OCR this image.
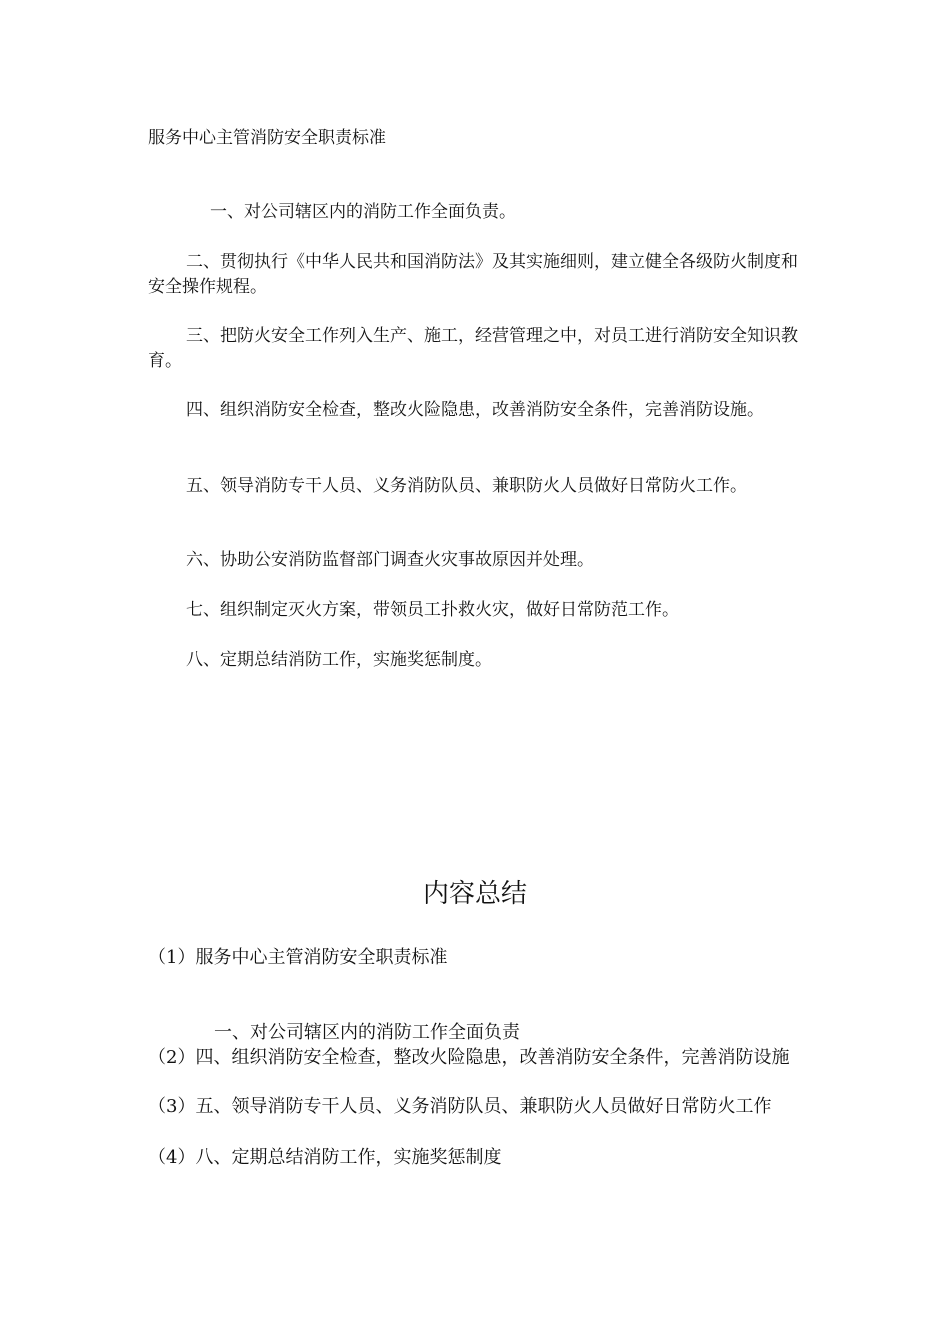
服务中心主管消防安全职责标准

一、对公司辖区内的消防工作全面负责。

二、贯彻执行《中华人民共和国消防法》及其实施细则，建立健全各级防火制度和安全操作规程。

三、把防火安全工作列入生产、施工，经营管理之中，对员工进行消防安全知识教育。

四、组织消防安全检查，整改火险隐患，改善消防安全条件，完善消防设施。

五、领导消防专干人员、义务消防队员、兼职防火人员做好日常防火工作。

六、协助公安消防监督部门调查火灾事故原因并处理。

七、组织制定灭火方案，带领员工扑救火灾，做好日常防范工作。

八、定期总结消防工作，实施奖惩制度。

内容总结

（1）服务中心主管消防安全职责标准

一、对公司辖区内的消防工作全面负责

（2）四、组织消防安全检查，整改火险隐患，改善消防安全条件，完善消防设施

（3）五、领导消防专干人员、义务消防队员、兼职防火人员做好日常防火工作

（4）八、定期总结消防工作，实施奖惩制度
